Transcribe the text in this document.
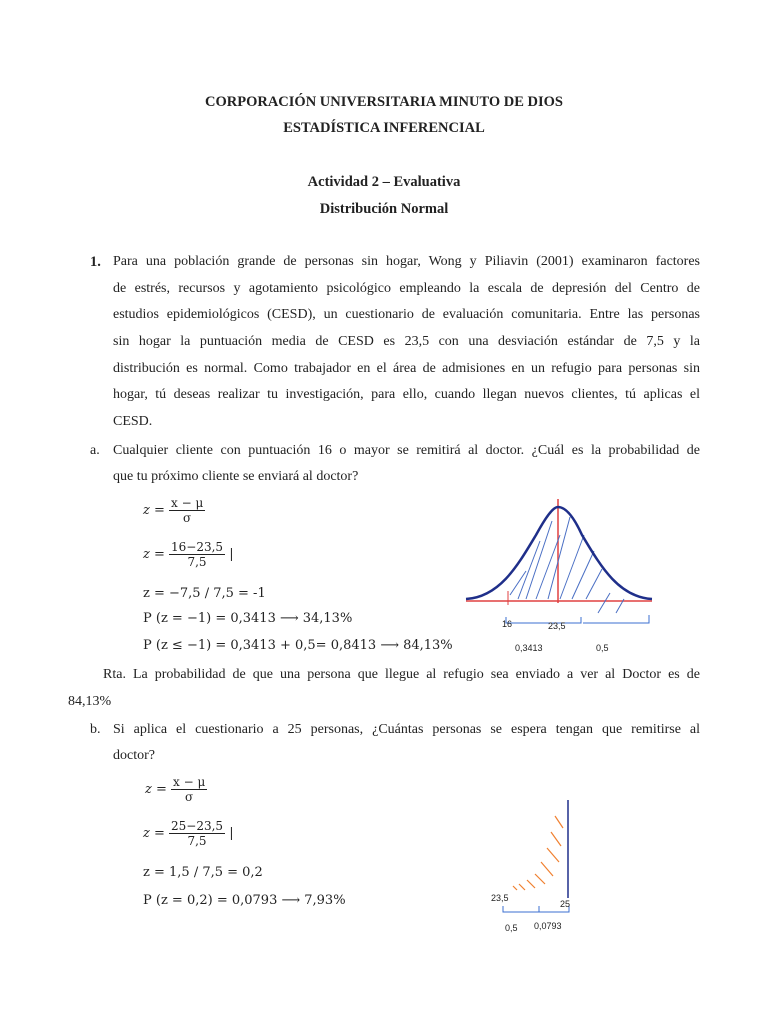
CORPORACIÓN UNIVERSITARIA MINUTO DE DIOS
ESTADÍSTICA INFERENCIAL
Actividad 2 – Evaluativa
Distribución Normal
1. Para una población grande de personas sin hogar, Wong y Piliavin (2001) examinaron factores
de estrés, recursos y agotamiento psicológico empleando la escala de depresión del Centro de
estudios epidemiológicos (CESD), un cuestionario de evaluación comunitaria. Entre las personas
sin hogar la puntuación media de CESD es 23,5 con una desviación estándar de 7,5 y la
distribución es normal. Como trabajador en el área de admisiones en un refugio para personas sin
hogar, tú deseas realizar tu investigación, para ello, cuando llegan nuevos clientes, tú aplicas el
CESD.
a. Cualquier cliente con puntuación 16 o mayor se remitirá al doctor. ¿Cuál es la probabilidad de
que tu próximo cliente se enviará al doctor?
$z = \frac{x - \mu}{\sigma}$
$z = \frac{16-23,5}{7,5}$ |
z = −7,5 / 7,5 = -1
P (z = −1) = 0,3413 ⟶ 34,13%
P (z ≤ −1) = 0,3413 + 0,5= 0,8413 ⟶ 84,13%
16	23,5
0,3413	0,5
Rta. La probabilidad de que una persona que llegue al refugio sea enviado a ver al Doctor es de
84,13%
b. Si aplica el cuestionario a 25 personas, ¿Cuántas personas se espera tengan que remitirse al
doctor?
$z = \frac{x - \mu}{\sigma}$
$z = \frac{25-23,5}{7,5}$ |
z = 1,5 / 7,5 = 0,2
P (z = 0,2) = 0,0793 ⟶ 7,93%	23,5
25
0,5 0,0793
